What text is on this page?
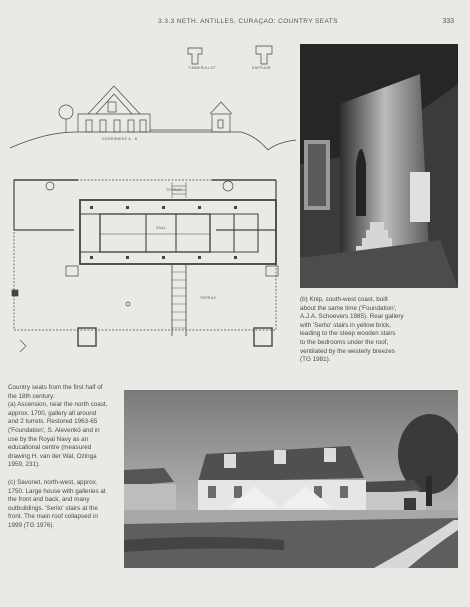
3.3.3 NETH. ANTILLES, CURAÇAO: COUNTRY SEATS	333
TIMMERVLLOT	KAPFUUR
DOORSNEDE A - B
TERRAS
ZAAL
TERRAS	(b) Knip, south-west coast, built

about the same time ('Foundation',

A.J.A. Schoevers 1985). Rear gallery

with 'Serlio' stairs in yellow brick,

leading to the steep wooden stairs

to the bedrooms under the roof,

ventilated by the westerly breezes

(TG 1981).

Country seats from the first half of

the 18th century:

(a) Ascension, near the north coast,

approx. 1700, gallery all around

and 2 turrets. Restored 1963-65

('Foundation', S. Alevenkó and in

use by the Royal Navy as an

educational centre (measured

drawing H. van der Wal, Ozinga

1959, 231).

(c) Savonet, north-west, approx.

1750. Large house with galleries at

the front and back, and many

outbuildings. 'Serlio' stairs at the

front. The main roof collapsed in

1999 (TG 1976).
